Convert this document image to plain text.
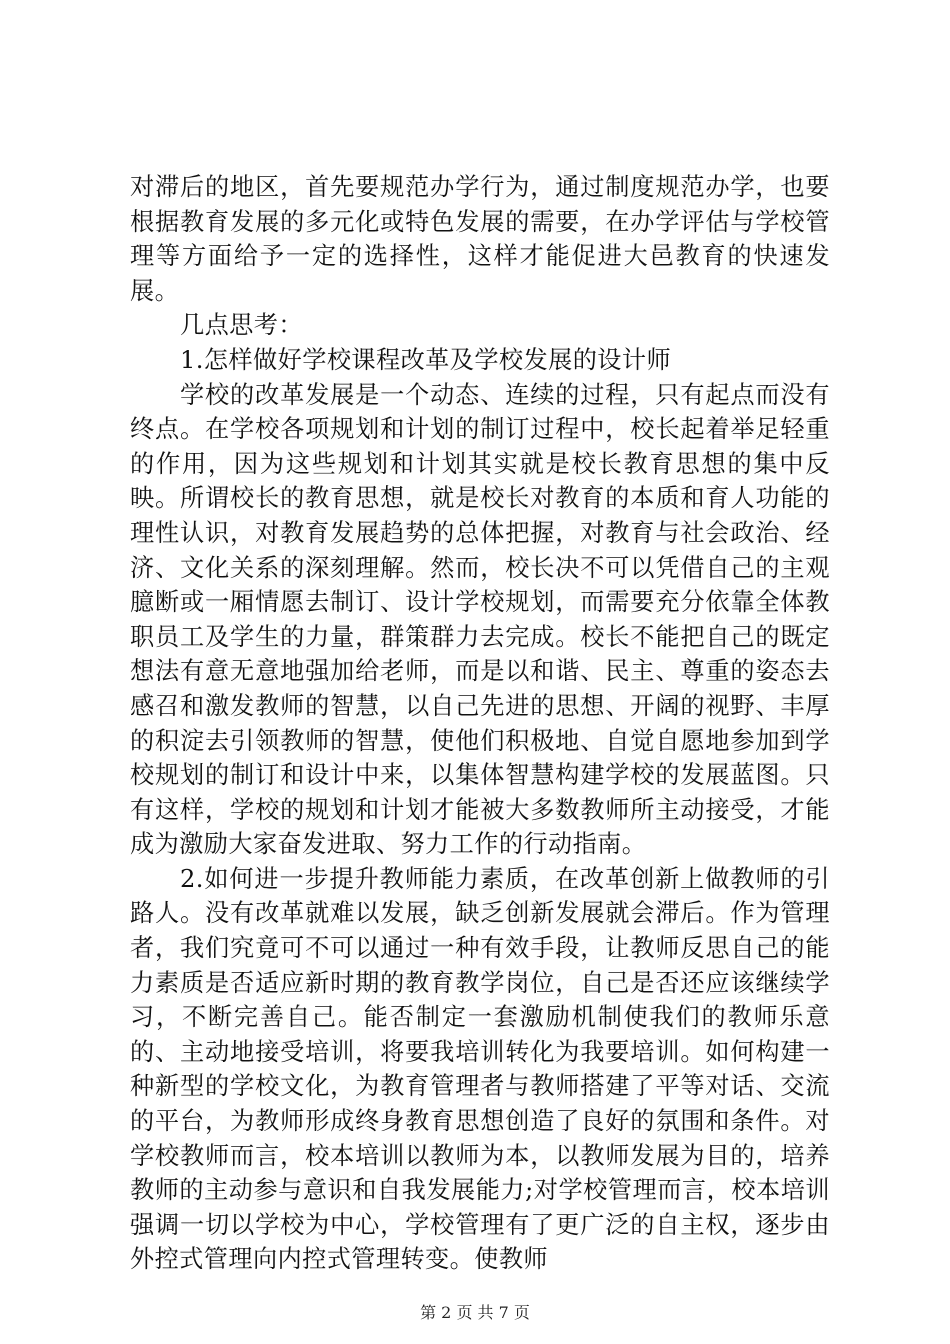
对滞后的地区，首先要规范办学行为，通过制度规范办学，也要根据教育发展的多元化或特色发展的需要，在办学评估与学校管理等方面给予一定的选择性，这样才能促进大邑教育的快速发展。

几点思考：

1.怎样做好学校课程改革及学校发展的设计师

学校的改革发展是一个动态、连续的过程，只有起点而没有终点。在学校各项规划和计划的制订过程中，校长起着举足轻重的作用，因为这些规划和计划其实就是校长教育思想的集中反映。所谓校长的教育思想，就是校长对教育的本质和育人功能的理性认识，对教育发展趋势的总体把握，对教育与社会政治、经济、文化关系的深刻理解。然而，校长决不可以凭借自己的主观臆断或一厢情愿去制订、设计学校规划，而需要充分依靠全体教职员工及学生的力量，群策群力去完成。校长不能把自己的既定想法有意无意地强加给老师，而是以和谐、民主、尊重的姿态去感召和激发教师的智慧，以自己先进的思想、开阔的视野、丰厚的积淀去引领教师的智慧，使他们积极地、自觉自愿地参加到学校规划的制订和设计中来，以集体智慧构建学校的发展蓝图。只有这样，学校的规划和计划才能被大多数教师所主动接受，才能成为激励大家奋发进取、努力工作的行动指南。

2.如何进一步提升教师能力素质，在改革创新上做教师的引路人。没有改革就难以发展，缺乏创新发展就会滞后。作为管理者，我们究竟可不可以通过一种有效手段，让教师反思自己的能力素质是否适应新时期的教育教学岗位，自己是否还应该继续学习，不断完善自己。能否制定一套激励机制使我们的教师乐意的、主动地接受培训，将要我培训转化为我要培训。如何构建一种新型的学校文化，为教育管理者与教师搭建了平等对话、交流的平台，为教师形成终身教育思想创造了良好的氛围和条件。对学校教师而言，校本培训以教师为本，以教师发展为目的，培养教师的主动参与意识和自我发展能力;对学校管理而言，校本培训强调一切以学校为中心，学校管理有了更广泛的自主权，逐步由外控式管理向内控式管理转变。使教师

第 2 页 共 7 页
